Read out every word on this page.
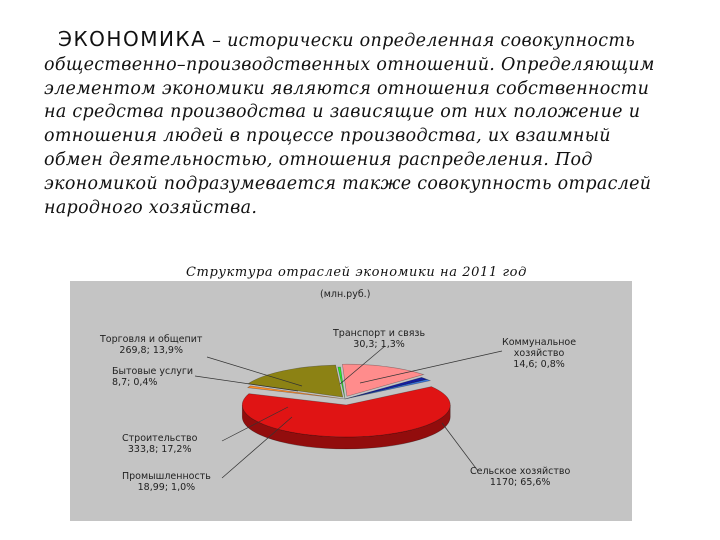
ЭКОНОМИКА – исторически определенная совокупность общественно–производственных отношений. Определяющим элементом экономики являются отношения собственности на средства производства и зависящие от них положение и отношения людей в процессе производства, их взаимный обмен деятельностью, отношения распределения. Под экономикой подразумевается также совокупность отраслей народного хозяйства.
Структура отраслей экономики на 2011 год
(млн.руб.)
Торговля и общепит
269,8; 13,9%
Бытовые услуги
8,7; 0,4%
Строительство
333,8; 17,2%
Промышленность
18,99; 1,0%
Транспорт и связь
30,3; 1,3%	Коммунальное
хозяйство
14,6; 0,8%
Сельское хозяйство
1170; 65,6%
